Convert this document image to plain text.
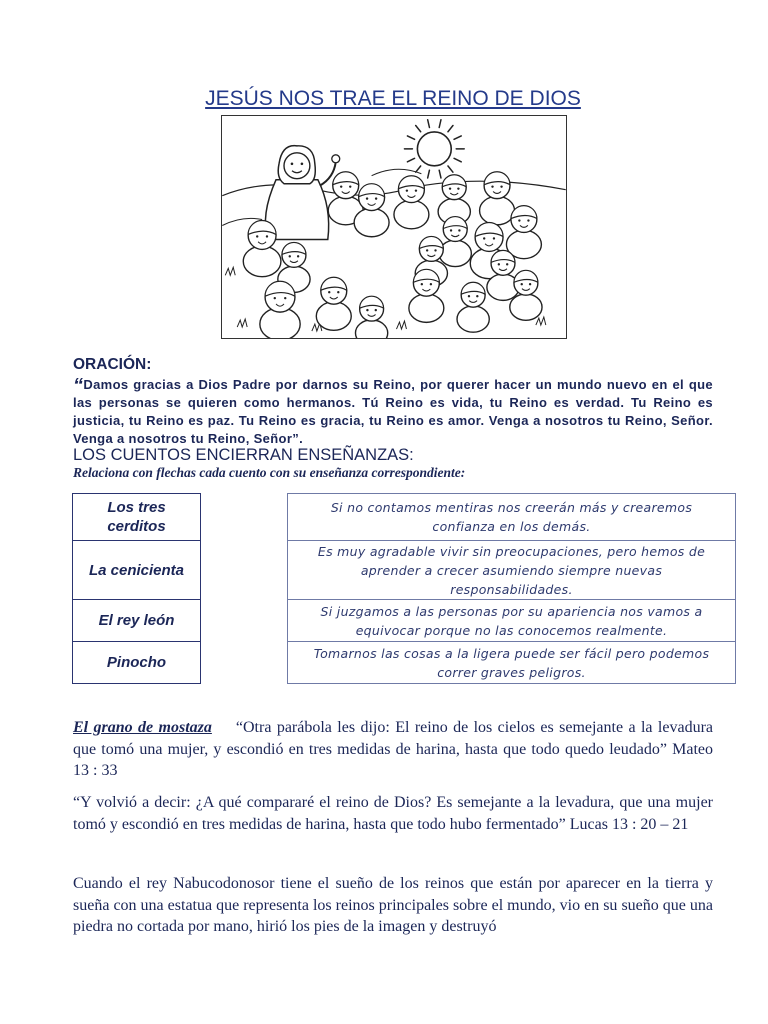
JESÚS NOS TRAE EL REINO DE DIOS
ORACIÓN:
“Damos gracias a Dios Padre por darnos su Reino, por querer hacer un mundo nuevo en el que las personas se quieren como hermanos. Tú Reino es vida, tu Reino es verdad. Tu Reino es justicia, tu Reino es paz. Tu Reino es gracia, tu Reino es amor. Venga a nosotros tu Reino, Señor. Venga a nosotros tu Reino, Señor”.
LOS CUENTOS ENCIERRAN ENSEÑANZAS:
Relaciona con flechas cada cuento con su enseñanza correspondiente:
Los tres cerditos
La cenicienta
El rey león
Pinocho
Si no contamos mentiras nos creerán más y crearemos confianza en los demás.
Es muy agradable vivir sin preocupaciones, pero hemos de aprender a crecer asumiendo siempre nuevas responsabilidades.
Si juzgamos a las personas por su apariencia nos vamos a equivocar porque no las conocemos realmente.
Tomarnos las cosas a la ligera puede ser fácil pero podemos correr graves peligros.
El grano de mostaza “Otra parábola les dijo: El reino de los cielos es semejante a la levadura que tomó una mujer, y escondió en tres medidas de harina, hasta que todo quedo leudado” Mateo 13 : 33
“Y volvió a decir: ¿A qué compararé el reino de Dios? Es semejante a la levadura, que una mujer tomó y escondió en tres medidas de harina, hasta que todo hubo fermentado” Lucas 13 : 20 – 21
Cuando el rey Nabucodonosor tiene el sueño de los reinos que están por aparecer en la tierra y sueña con una estatua que representa los reinos principales sobre el mundo, vio en su sueño que una piedra no cortada por mano, hirió los pies de la imagen y destruyó
